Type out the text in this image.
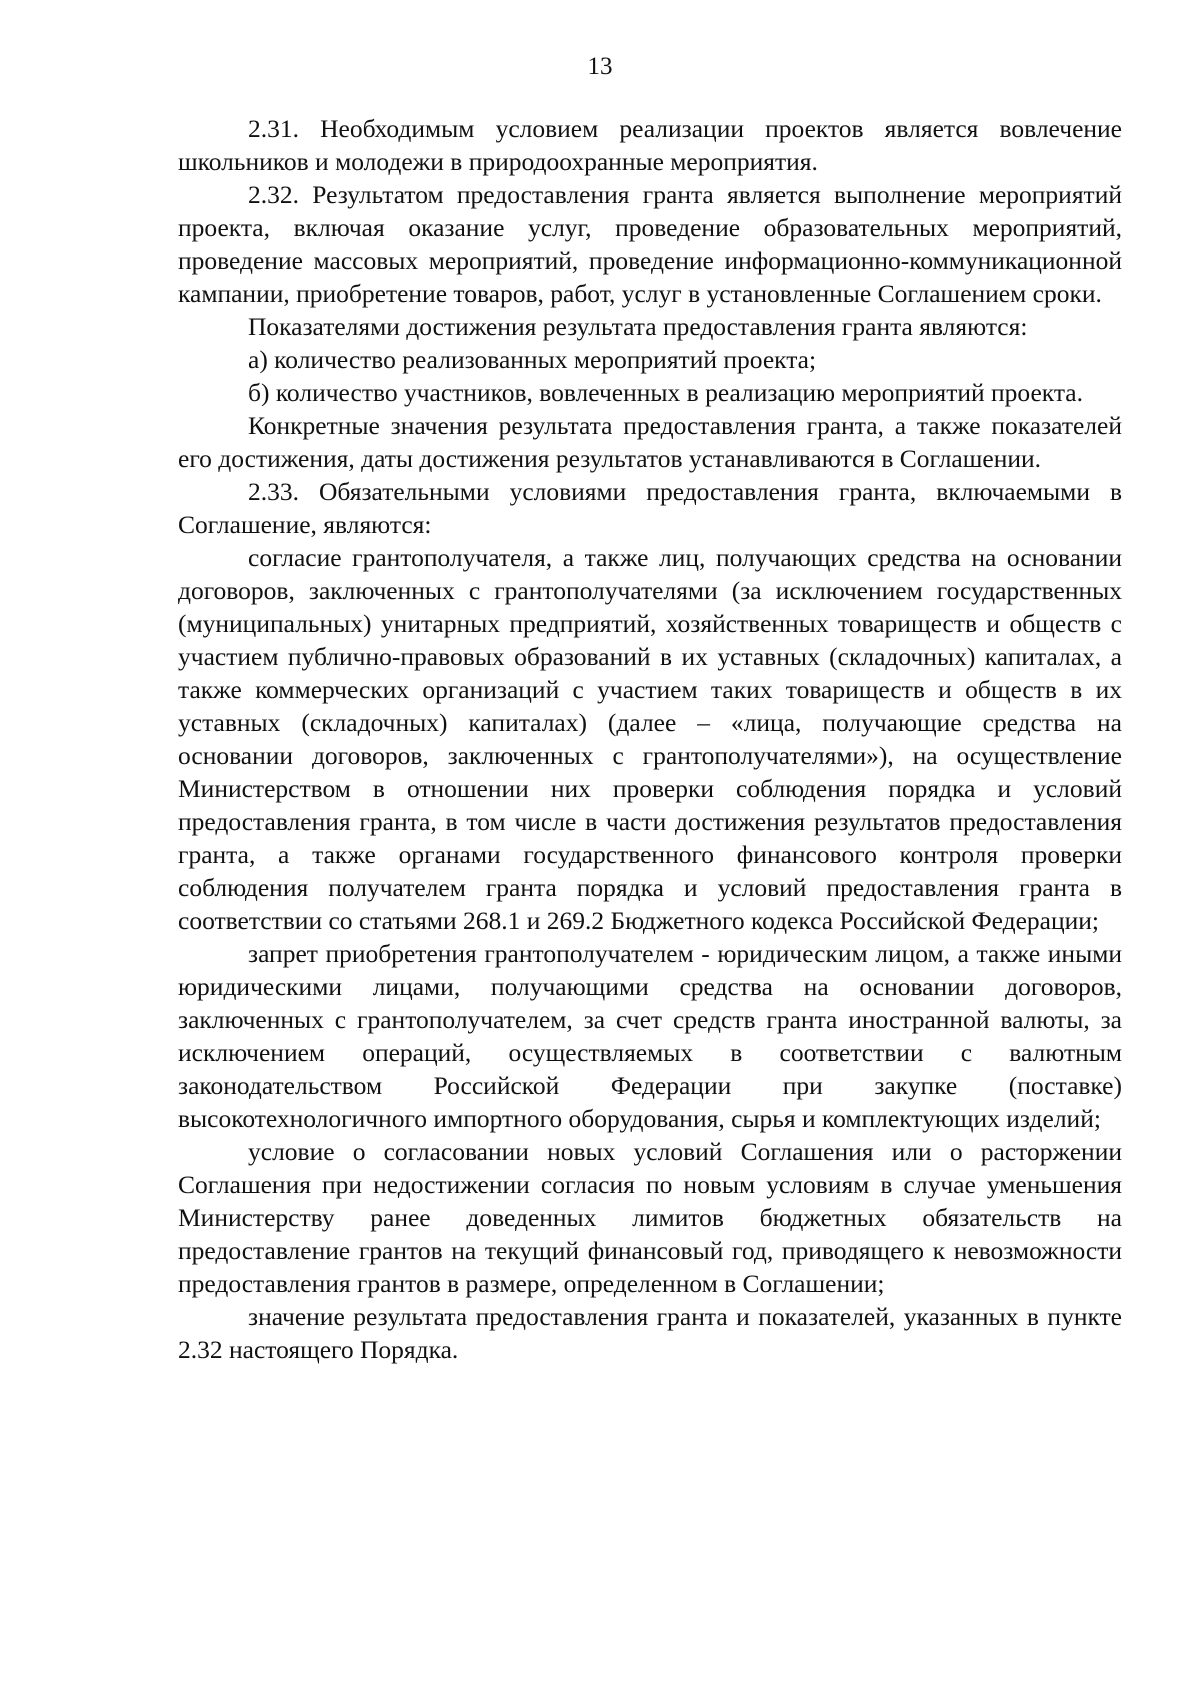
13

2.31. Необходимым условием реализации проектов является вовлечение школьников и молодежи в природоохранные мероприятия.

2.32. Результатом предоставления гранта является выполнение мероприятий проекта, включая оказание услуг, проведение образовательных мероприятий, проведение массовых мероприятий, проведение информационно-коммуникационной кампании, приобретение товаров, работ, услуг в установленные Соглашением сроки.

Показателями достижения результата предоставления гранта являются:

а) количество реализованных мероприятий проекта;

б) количество участников, вовлеченных в реализацию мероприятий проекта.

Конкретные значения результата предоставления гранта, а также показателей его достижения, даты достижения результатов устанавливаются в Соглашении.

2.33. Обязательными условиями предоставления гранта, включаемыми в Соглашение, являются:

согласие грантополучателя, а также лиц, получающих средства на основании договоров, заключенных с грантополучателями (за исключением государственных (муниципальных) унитарных предприятий, хозяйственных товариществ и обществ с участием публично-правовых образований в их уставных (складочных) капиталах, а также коммерческих организаций с участием таких товариществ и обществ в их уставных (складочных) капиталах) (далее – «лица, получающие средства на основании договоров, заключенных с грантополучателями»), на осуществление Министерством в отношении них проверки соблюдения порядка и условий предоставления гранта, в том числе в части достижения результатов предоставления гранта, а также органами государственного финансового контроля проверки соблюдения получателем гранта порядка и условий предоставления гранта в соответствии со статьями 268.1 и 269.2 Бюджетного кодекса Российской Федерации;

запрет приобретения грантополучателем - юридическим лицом, а также иными юридическими лицами, получающими средства на основании договоров, заключенных с грантополучателем, за счет средств гранта иностранной валюты, за исключением операций, осуществляемых в соответствии с валютным законодательством Российской Федерации при закупке (поставке) высокотехнологичного импортного оборудования, сырья и комплектующих изделий;

условие о согласовании новых условий Соглашения или о расторжении Соглашения при недостижении согласия по новым условиям в случае уменьшения Министерству ранее доведенных лимитов бюджетных обязательств на предоставление грантов на текущий финансовый год, приводящего к невозможности предоставления грантов в размере, определенном в Соглашении;

значение результата предоставления гранта и показателей, указанных в пункте 2.32 настоящего Порядка.
